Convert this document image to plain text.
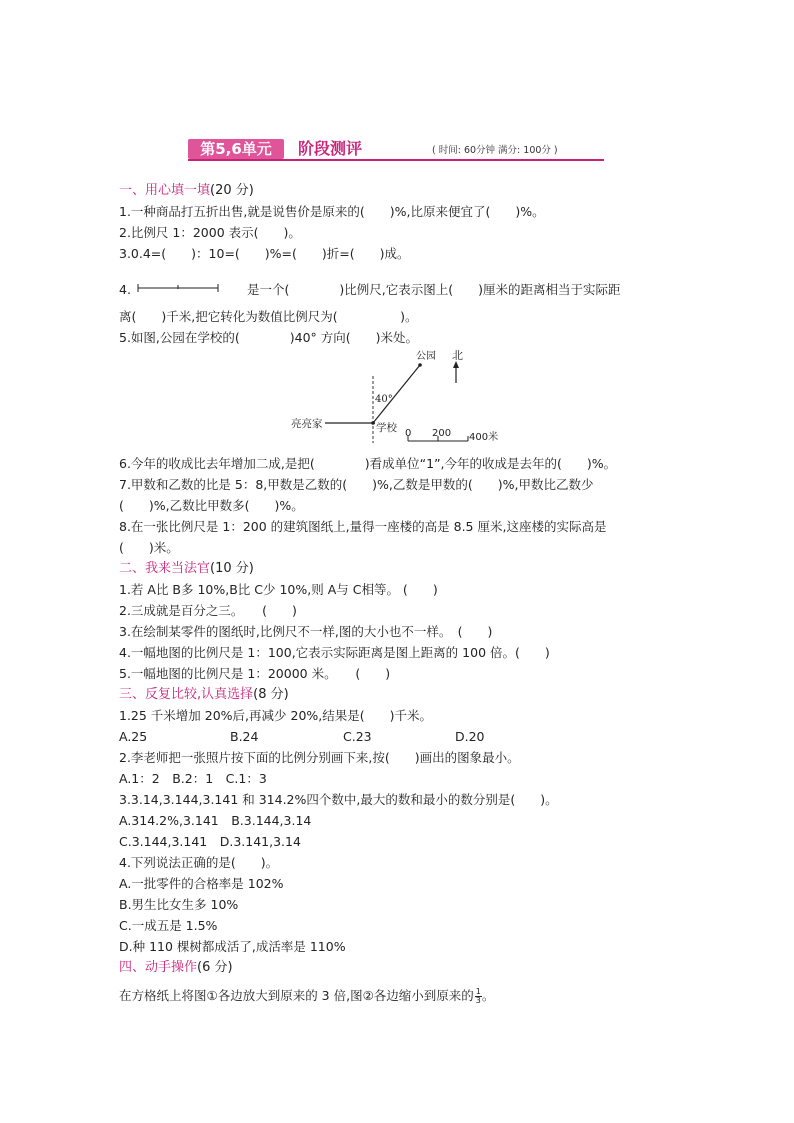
第5,6单元	阶段测评	( 时间: 60分钟 满分: 100分 )
一、用心填一填(20 分)
1.一种商品打五折出售,就是说售价是原来的(　　)%,比原来便宜了(　　)%。
2.比例尺 1：2000 表示(　　)。
3.0.4=(　　)：10=(　　)%=(　　)折=(　　)成。
4.	是一个(　　　　)比例尺,它表示图上(　　)厘米的距离相当于实际距
离(　　)千米,把它转化为数值比例尺为(　　　　　)。
5.如图,公园在学校的(　　　　)40° 方向(　　)米处。
公园 北
40°
亮亮家	学校 0 200 400米
6.今年的收成比去年增加二成,是把(　　　　)看成单位“1”,今年的收成是去年的(　　)%。
7.甲数和乙数的比是 5：8,甲数是乙数的(　　)%,乙数是甲数的(　　)%,甲数比乙数少
(　　)%,乙数比甲数多(　　)%。
8.在一张比例尺是 1：200 的建筑图纸上,量得一座楼的高是 8.5 厘米,这座楼的实际高是
(　　)米。
二、我来当法官(10 分)
1.若 A比 B多 10%,B比 C少 10%,则 A与 C相等。 (　　)
2.三成就是百分之三。　　(　　)
3.在绘制某零件的图纸时,比例尺不一样,图的大小也不一样。　(　　)
4.一幅地图的比例尺是 1：100,它表示实际距离是图上距离的 100 倍。(　　)
5.一幅地图的比例尺是 1：20000 米。　　(　　)
三、反复比较,认真选择(8 分)
1.25 千米增加 20%后,再减少 20%,结果是(　　)千米。
A.25	B.24	C.23	D.20
2.李老师把一张照片按下面的比例分别画下来,按(　　)画出的图象最小。
A.1：2　B.2：1　C.1：3
3.3.14,3.144,3.141 和 314.2%四个数中,最大的数和最小的数分别是(　　)。
A.314.2%,3.141　B.3.144,3.14
C.3.144,3.141　D.3.141,3.14
4.下列说法正确的是(　　)。
A.一批零件的合格率是 102%
B.男生比女生多 10%
C.一成五是 1.5%
D.种 110 棵树都成活了,成活率是 110%
四、动手操作(6 分)
在方格纸上将图①各边放大到原来的 3 倍,图②各边缩小到原来的 $\frac{1}{3}$ 。
